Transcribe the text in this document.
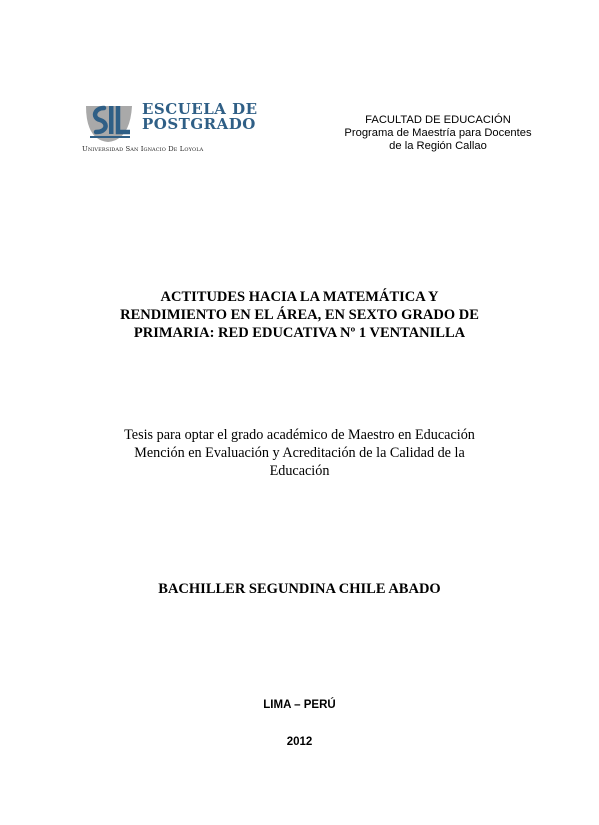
ESCUELA DE
POSTGRADO
Universidad San Ignacio De Loyola
FACULTAD DE EDUCACIÓN
Programa de Maestría para Docentes
de la Región Callao
ACTITUDES HACIA LA MATEMÁTICA Y
RENDIMIENTO EN EL ÁREA, EN SEXTO GRADO DE
PRIMARIA: RED EDUCATIVA Nº 1 VENTANILLA
Tesis para optar el grado académico de Maestro en Educación
Mención en Evaluación y Acreditación de la Calidad de la
Educación
BACHILLER SEGUNDINA CHILE ABADO
LIMA – PERÚ
2012
